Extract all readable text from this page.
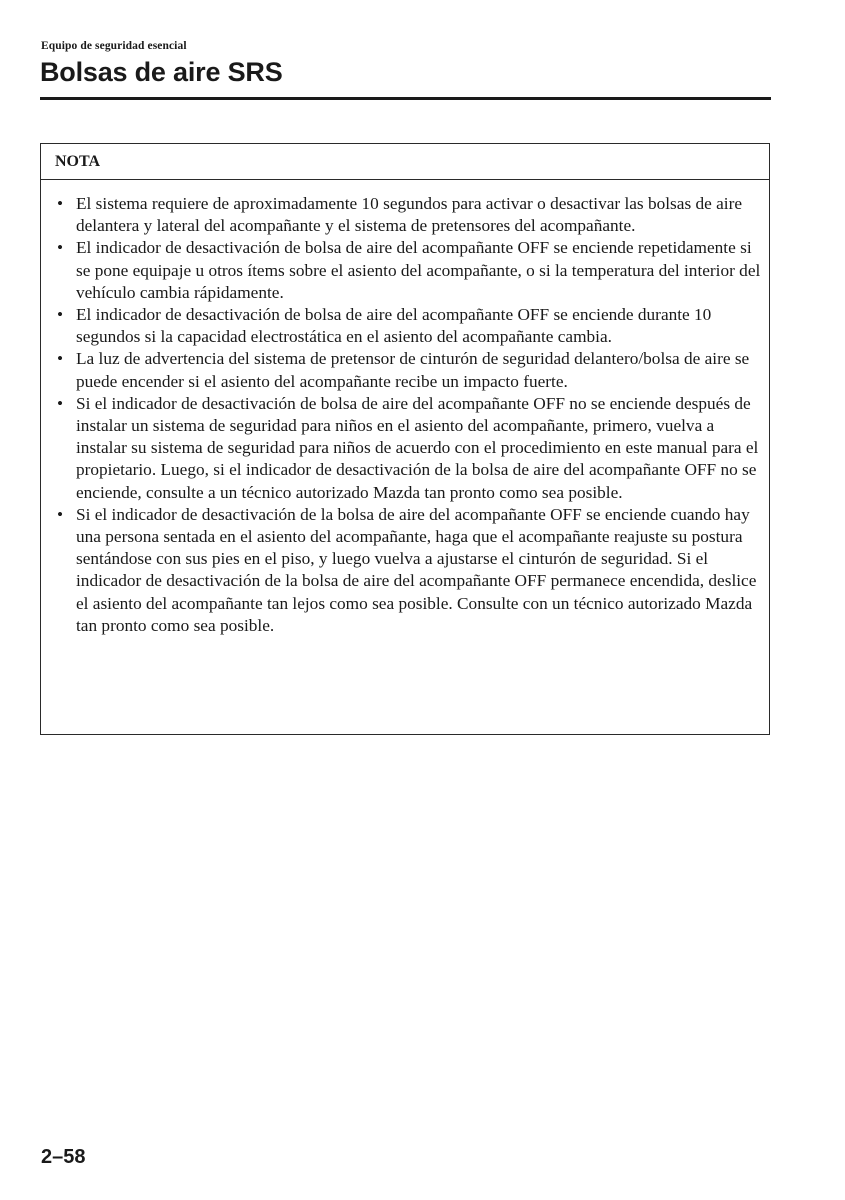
Equipo de seguridad esencial
Bolsas de aire SRS
NOTA
• El sistema requiere de aproximadamente 10 segundos para activar o desactivar las bolsas de aire delantera y lateral del acompañante y el sistema de pretensores del acompañante.
• El indicador de desactivación de bolsa de aire del acompañante OFF se enciende repetidamente si se pone equipaje u otros ítems sobre el asiento del acompañante, o si la temperatura del interior del vehículo cambia rápidamente.
• El indicador de desactivación de bolsa de aire del acompañante OFF se enciende durante 10 segundos si la capacidad electrostática en el asiento del acompañante cambia.
• La luz de advertencia del sistema de pretensor de cinturón de seguridad delantero/bolsa de aire se puede encender si el asiento del acompañante recibe un impacto fuerte.
• Si el indicador de desactivación de bolsa de aire del acompañante OFF no se enciende después de instalar un sistema de seguridad para niños en el asiento del acompañante, primero, vuelva a instalar su sistema de seguridad para niños de acuerdo con el procedimiento en este manual para el propietario. Luego, si el indicador de desactivación de la bolsa de aire del acompañante OFF no se enciende, consulte a un técnico autorizado Mazda tan pronto como sea posible.
• Si el indicador de desactivación de la bolsa de aire del acompañante OFF se enciende cuando hay una persona sentada en el asiento del acompañante, haga que el acompañante reajuste su postura sentándose con sus pies en el piso, y luego vuelva a ajustarse el cinturón de seguridad. Si el indicador de desactivación de la bolsa de aire del acompañante OFF permanece encendida, deslice el asiento del acompañante tan lejos como sea posible. Consulte con un técnico autorizado Mazda tan pronto como sea posible.
2–58
